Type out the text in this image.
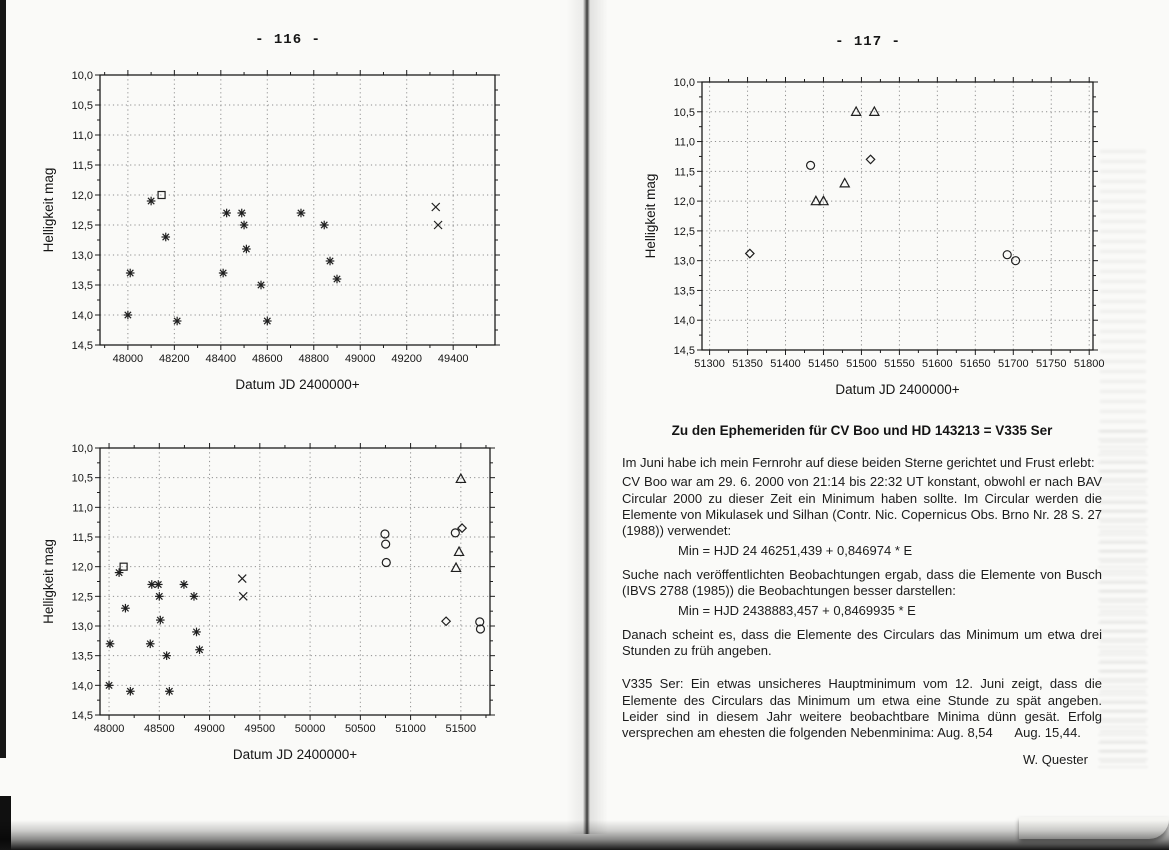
- 116 -	- 117 -
48000 48200 48400 48600 48800 49000 49200 49400
10,0
10,5
11,0
11,5
12,0
12,5
13,0
13,5
14,0
14,5
Datum JD 2400000+
Helligkeit mag
48000 48500 49000 49500 50000 50500 51000 51500
10,0
10,5
11,0
11,5
12,0
12,5
13,0
13,5
14,0
14,5
Datum JD 2400000+
Helligkeit mag
51300 51350 51400 51450 51500 51550 51600 51650 51700 51750 51800
10,0
10,5
11,0
11,5
12,0
12,5
13,0
13,5
14,0
14,5
Datum JD 2400000+
Helligkeit mag
Zu den Ephemeriden für CV Boo und HD 143213 = V335 Ser

Im Juni habe ich mein Fernrohr auf diese beiden Sterne gerichtet und Frust erlebt:

CV Boo war am 29. 6. 2000 von 21:14 bis 22:32 UT konstant, obwohl er nach BAV Circular 2000 zu dieser Zeit ein Minimum haben sollte. Im Circular werden die Elemente von Mikulasek und Silhan (Contr. Nic. Copernicus Obs. Brno Nr. 28 S. 27 (1988)) verwendet:

Min = HJD 24 46251,439 + 0,846974 * E

Suche nach veröffentlichten Beobachtungen ergab, dass die Elemente von Busch (IBVS 2788 (1985)) die Beobachtungen besser darstellen:

Min = HJD 2438883,457 + 0,8469935 * E

Danach scheint es, dass die Elemente des Circulars das Minimum um etwa drei Stunden zu früh angeben.

V335 Ser: Ein etwas unsicheres Hauptminimum vom 12. Juni zeigt, dass die Elemente des Circulars das Minimum um etwa eine Stunde zu spät angeben. Leider sind in diesem Jahr weitere beobachtbare Minima dünn gesät. Erfolg versprechen am ehesten die folgenden Nebenminima: Aug. 8,54      Aug. 15,44.

W. Quester
